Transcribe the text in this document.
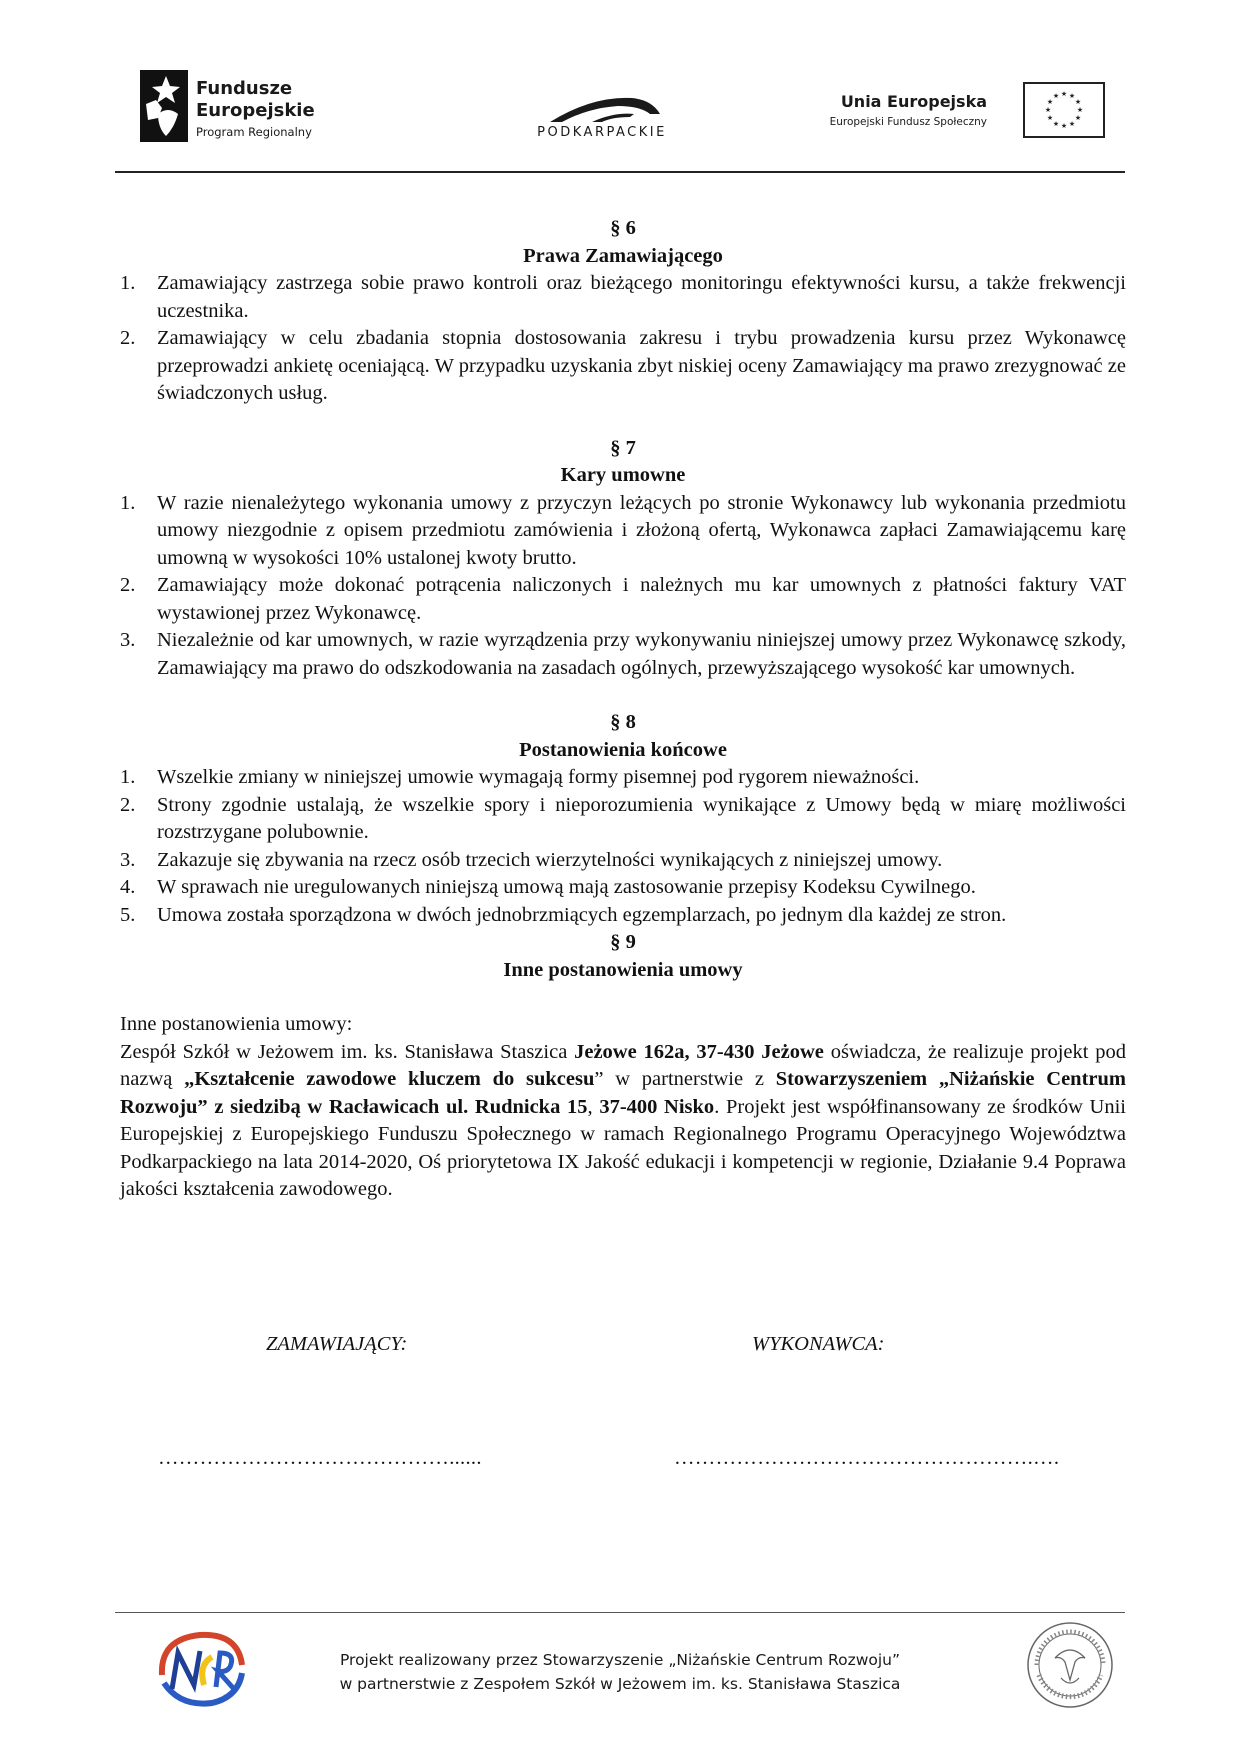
Fundusze
Europejskie
Program Regionalny	PODKARPACKIE
Unia Europejska
Europejski Fundusz Społeczny
★ ★
★
★
★
★
★
★
★
★
★
★
§ 6
Prawa Zamawiającego
1. Zamawiający zastrzega sobie prawo kontroli oraz bieżącego monitoringu efektywności kursu, a także frekwencji uczestnika.
2. Zamawiający w celu zbadania stopnia dostosowania zakresu i trybu prowadzenia kursu przez Wykonawcę przeprowadzi ankietę oceniającą. W przypadku uzyskania zbyt niskiej oceny Zamawiający ma prawo zrezygnować ze świadczonych usług.
§ 7
Kary umowne
1. W razie nienależytego wykonania umowy z przyczyn leżących po stronie Wykonawcy lub wykonania przedmiotu umowy niezgodnie z opisem przedmiotu zamówienia i złożoną ofertą, Wykonawca zapłaci Zamawiającemu karę umowną w wysokości 10% ustalonej kwoty brutto.
2. Zamawiający może dokonać potrącenia naliczonych i należnych mu kar umownych z płatności faktury VAT wystawionej przez Wykonawcę.
3. Niezależnie od kar umownych, w razie wyrządzenia przy wykonywaniu niniejszej umowy przez Wykonawcę szkody, Zamawiający ma prawo do odszkodowania na zasadach ogólnych, przewyższającego wysokość kar umownych.
§ 8
Postanowienia końcowe
1. Wszelkie zmiany w niniejszej umowie wymagają formy pisemnej pod rygorem nieważności.
2. Strony zgodnie ustalają, że wszelkie spory i nieporozumienia wynikające z Umowy będą w miarę możliwości rozstrzygane polubownie.
3. Zakazuje się zbywania na rzecz osób trzecich wierzytelności wynikających z niniejszej umowy.
4. W sprawach nie uregulowanych niniejszą umową mają zastosowanie przepisy Kodeksu Cywilnego.
5. Umowa została sporządzona w dwóch jednobrzmiących egzemplarzach, po jednym dla każdej ze stron.
§ 9
Inne postanowienia umowy
Inne postanowienia umowy:
Zespół Szkół w Jeżowem im. ks. Stanisława Staszica Jeżowe 162a, 37-430 Jeżowe oświadcza, że realizuje projekt pod nazwą „Kształcenie zawodowe kluczem do sukcesu” w partnerstwie z Stowarzyszeniem „Niżańskie Centrum Rozwoju” z siedzibą w Racławicach ul. Rudnicka 15, 37-400 Nisko. Projekt jest współfinansowany ze środków Unii Europejskiej z Europejskiego Funduszu Społecznego w ramach Regionalnego Programu Operacyjnego Województwa Podkarpackiego na lata 2014-2020, Oś priorytetowa IX Jakość edukacji i kompetencji w regionie, Działanie 9.4 Poprawa jakości kształcenia zawodowego.
ZAMAWIAJĄCY:	WYKONAWCA:
……………………………………......	…………………………………………….….
Projekt realizowany przez Stowarzyszenie „Niżańskie Centrum Rozwoju”
w partnerstwie z Zespołem Szkół w Jeżowem im. ks. Stanisława Staszica
